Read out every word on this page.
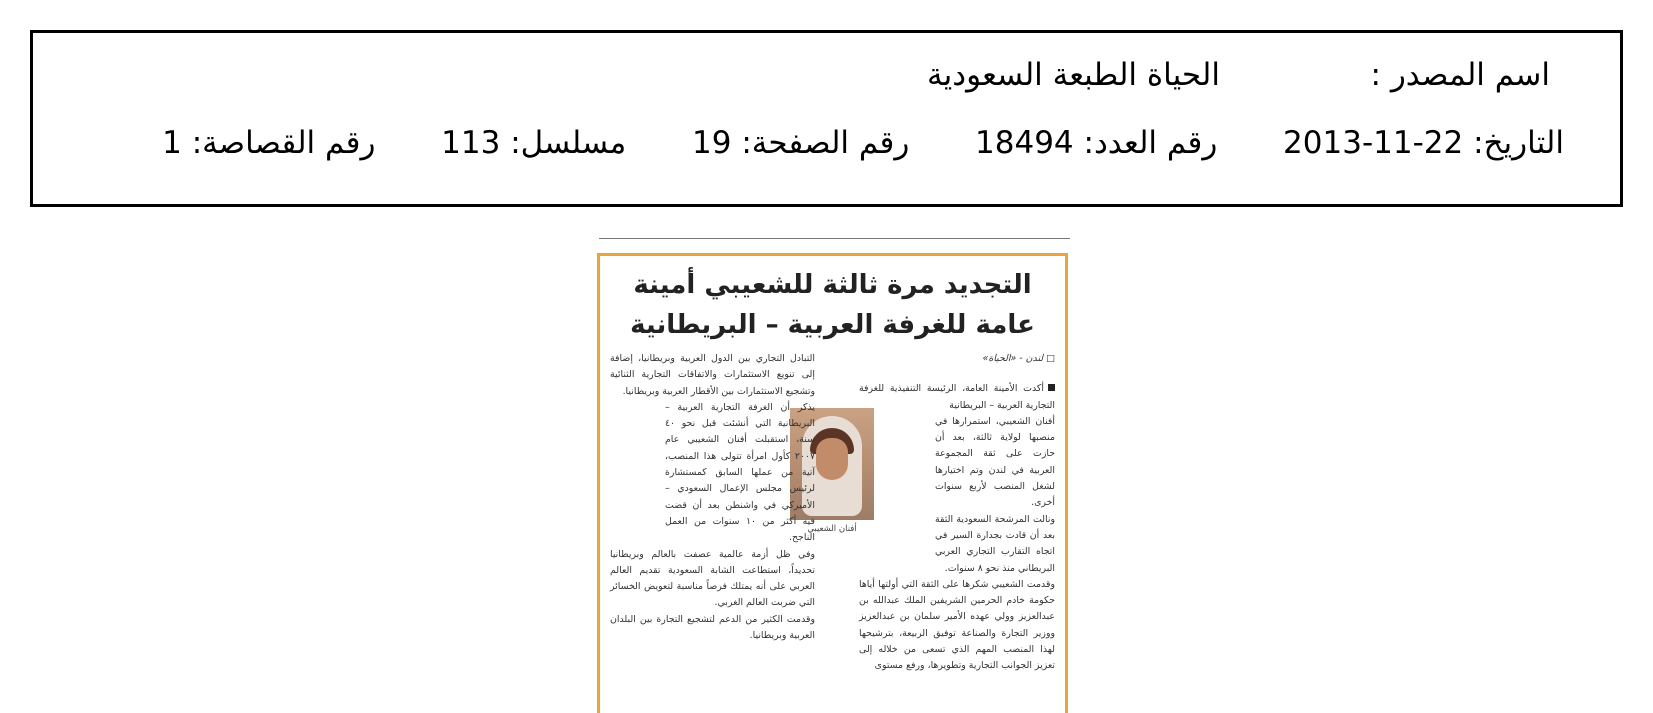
اسم المصدر :
الحياة الطبعة السعودية
التاريخ: 2013-11-22  رقم العدد: 18494  رقم الصفحة: 19  مسلسل: 113  رقم القصاصة: 1
التجديد مرة ثالثة للشعيبي أمينة
عامة للغرفة العربية – البريطانية

□ لندن - «الحياة»

أكدت الأمينة العامة، الرئيسة التنفيذية للغرفة التجارية العربية – البريطانية

أفنان الشعيبي، استمرارها في منصبها لولاية ثالثة، بعد أن حازت على ثقة المجموعة العربية في لندن وتم اختيارها لشغل المنصب لأربع سنوات أخرى.

ونالت المرشحة السعودية الثقة بعد أن قادت بجدارة السير في اتجاه التقارب التجاري العربي البريطاني منذ نحو ٨ سنوات.

وقدمت الشعيبي شكرها على الثقة التي أولتها أياها حكومة خادم الحرمين الشريفين الملك عبدالله بن عبدالعزيز وولي عهده الأمير سلمان بن عبدالعزيز ووزير التجارة والصناعة توفيق الربيعة، بترشيحها لهذا المنصب المهم الذي تسعى من خلاله إلى تعزيز الجوانب التجارية وتطويرها، ورفع مستوى

أفنان الشعيبي

التبادل التجاري بين الدول العربية وبريطانيا، إضافة إلى تنويع الاستثمارات والاتفاقات التجارية الثنائية وتشجيع الاستثمارات بين الأقطار العربية وبريطانيا.

يذكر أن الغرفة التجارية العربية – البريطانية التي أنشئت قبل نحو ٤٠ سنة، استقبلت أفنان الشعيبي عام ٢٠٠٧ كأول امرأة تتولى هذا المنصب، آتية من عملها السابق كمستشارة لرئيس مجلس الإعمال السعودي – الأميركي في واشنطن بعد أن قضت فيه أكثر من ١٠ سنوات من العمل الناجح.

وفي ظل أزمة عالمية عصفت بالعالم وبريطانيا تحديداً، استطاعت الشابة السعودية تقديم العالم العربي على أنه يمتلك فرصاً مناسبة لتعويض الخسائر التي ضربت العالم الغربي.

وقدمت الكثير من الدعم لتشجيع التجارة بين البلدان العربية وبريطانيا.
